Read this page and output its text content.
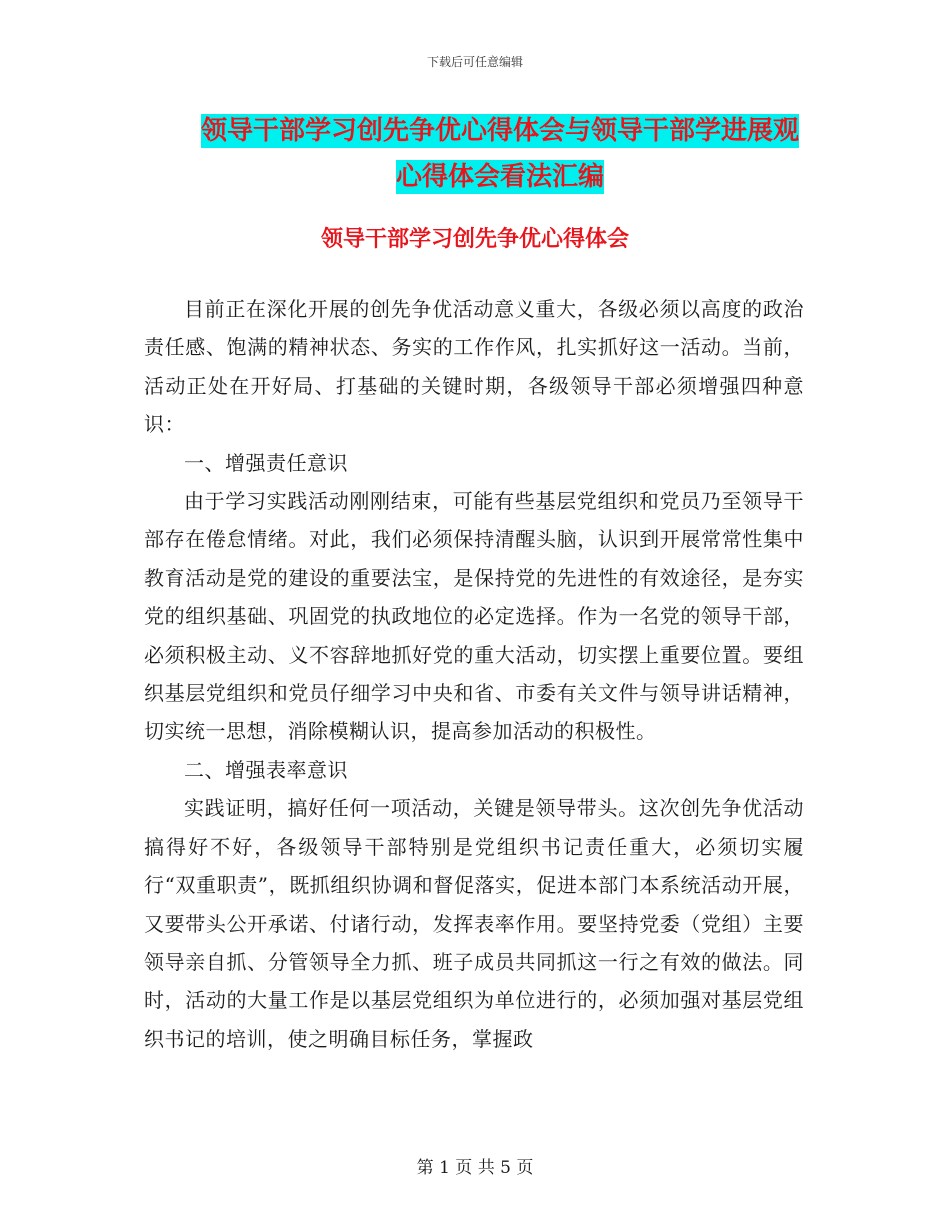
下载后可任意编辑
领导干部学习创先争优心得体会与领导干部学进展观
心得体会看法汇编
领导干部学习创先争优心得体会

目前正在深化开展的创先争优活动意义重大，各级必须以高度的政治责任感、饱满的精神状态、务实的工作作风，扎实抓好这一活动。当前，活动正处在开好局、打基础的关键时期，各级领导干部必须增强四种意识：

一、增强责任意识

由于学习实践活动刚刚结束，可能有些基层党组织和党员乃至领导干部存在倦怠情绪。对此，我们必须保持清醒头脑，认识到开展常常性集中教育活动是党的建设的重要法宝，是保持党的先进性的有效途径，是夯实党的组织基础、巩固党的执政地位的必定选择。作为一名党的领导干部，必须积极主动、义不容辞地抓好党的重大活动，切实摆上重要位置。要组织基层党组织和党员仔细学习中央和省、市委有关文件与领导讲话精神，切实统一思想，消除模糊认识，提高参加活动的积极性。

二、增强表率意识

实践证明，搞好任何一项活动，关键是领导带头。这次创先争优活动搞得好不好，各级领导干部特别是党组织书记责任重大，必须切实履行“双重职责”，既抓组织协调和督促落实，促进本部门本系统活动开展，又要带头公开承诺、付诸行动，发挥表率作用。要坚持党委（党组）主要领导亲自抓、分管领导全力抓、班子成员共同抓这一行之有效的做法。同时，活动的大量工作是以基层党组织为单位进行的，必须加强对基层党组织书记的培训，使之明确目标任务，掌握政

第 1 页 共 5 页
